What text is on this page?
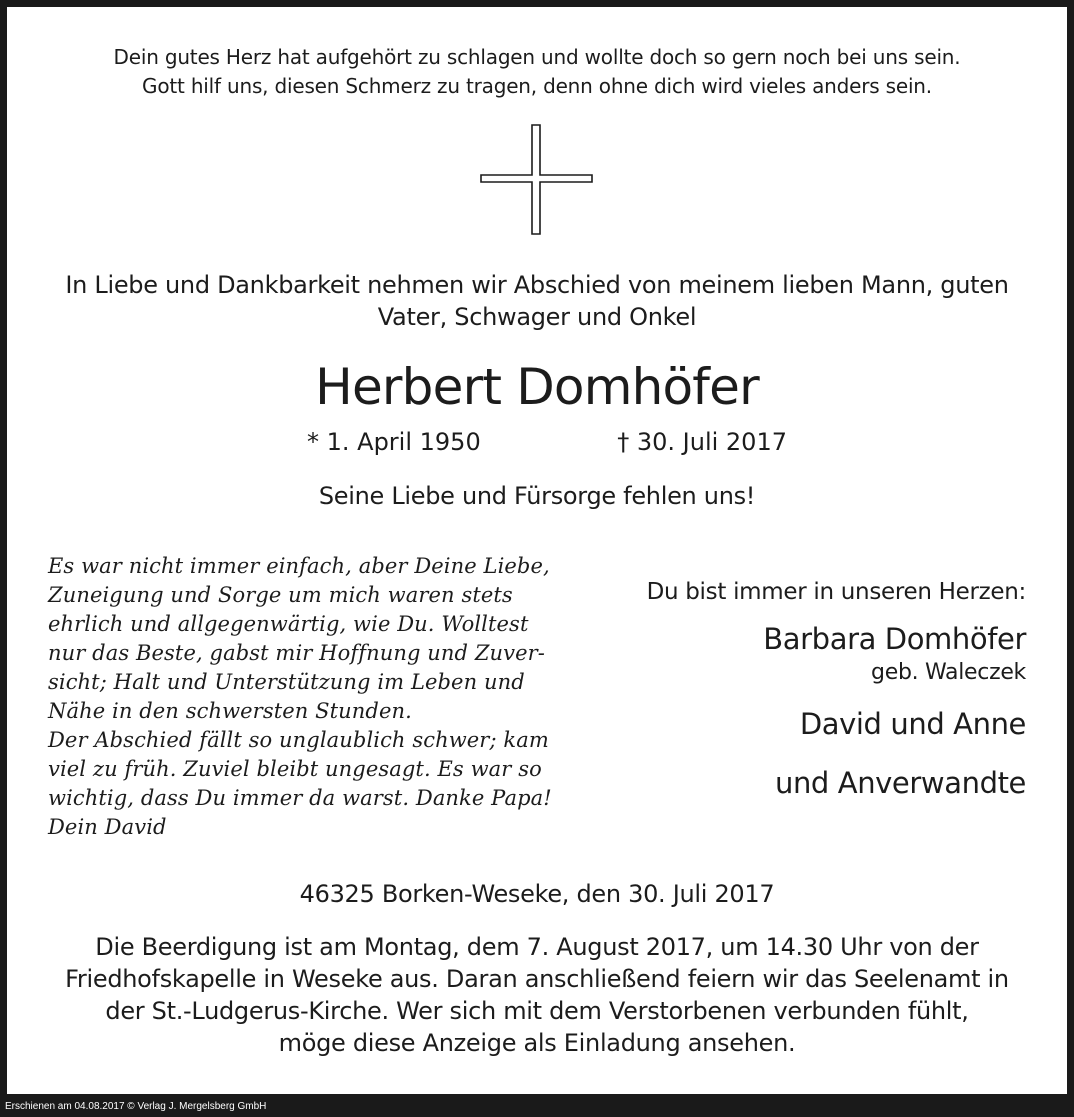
Dein gutes Herz hat aufgehört zu schlagen und wollte doch so gern noch bei uns sein.
Gott hilf uns, diesen Schmerz zu tragen, denn ohne dich wird vieles anders sein.
In Liebe und Dankbarkeit nehmen wir Abschied von meinem lieben Mann, guten Vater, Schwager und Onkel
Herbert Domhöfer
* 1. April 1950	† 30. Juli 2017
Seine Liebe und Fürsorge fehlen uns!
Es war nicht immer einfach, aber Deine Liebe,
Zuneigung und Sorge um mich waren stets
ehrlich und allgegenwärtig, wie Du. Wolltest
nur das Beste, gabst mir Hoffnung und Zuver-
sicht; Halt und Unterstützung im Leben und
Nähe in den schwersten Stunden.
Der Abschied fällt so unglaublich schwer; kam
viel zu früh. Zuviel bleibt ungesagt. Es war so
wichtig, dass Du immer da warst. Danke Papa!
Dein David
Du bist immer in unseren Herzen:
Barbara Domhöfer
geb. Waleczek
David und Anne
und Anverwandte
46325 Borken-Weseke, den 30. Juli 2017
Die Beerdigung ist am Montag, dem 7. August 2017, um 14.30 Uhr von der
Friedhofskapelle in Weseke aus. Daran anschließend feiern wir das Seelenamt in
der St.-Ludgerus-Kirche. Wer sich mit dem Verstorbenen verbunden fühlt,
möge diese Anzeige als Einladung ansehen.
Erschienen am 04.08.2017 © Verlag J. Mergelsberg GmbH
